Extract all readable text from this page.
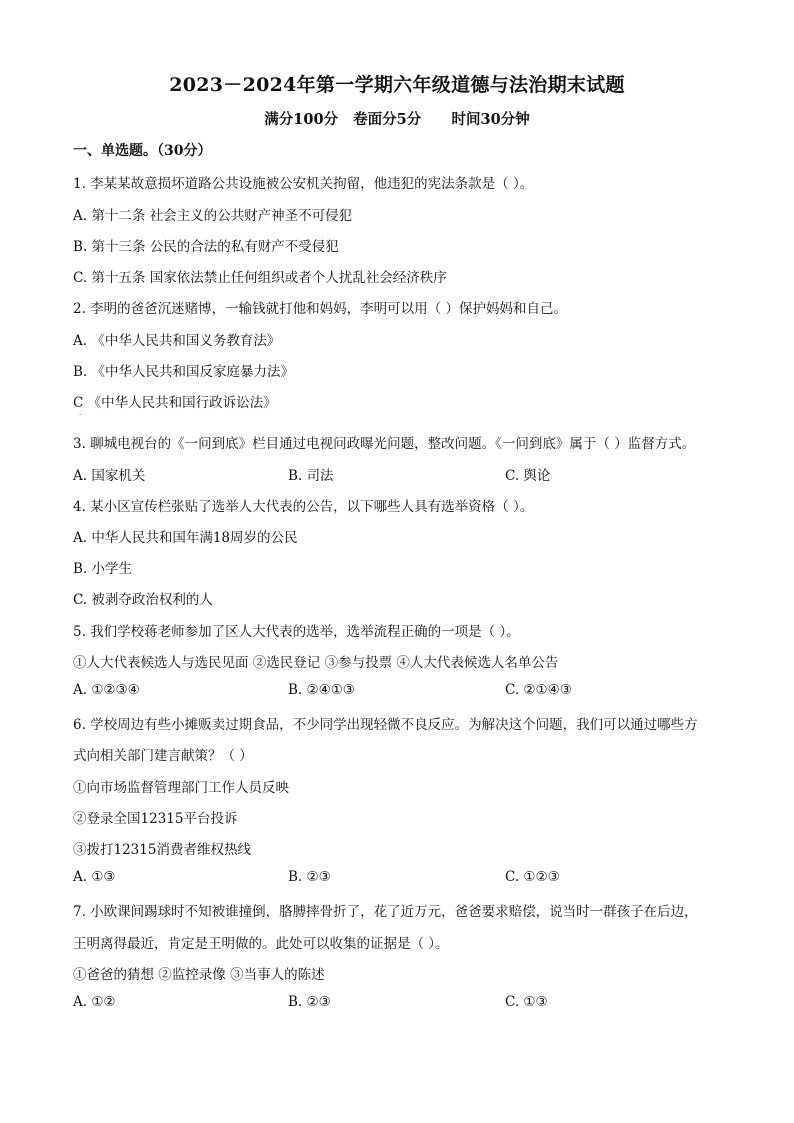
2023－2024年第一学期六年级道德与法治期末试题
满分100分   卷面分5分      时间30分钟
一、单选题。（30分）
1. 李某某故意损坏道路公共设施被公安机关拘留，他违犯的宪法条款是（ ）。
A. 第十二条 社会主义的公共财产神圣不可侵犯
B. 第十三条 公民的合法的私有财产不受侵犯
C. 第十五条 国家依法禁止任何组织或者个人扰乱社会经济秩序
2. 李明的爸爸沉迷赌博，一输钱就打他和妈妈，李明可以用（ ）保护妈妈和自己。
A. 《中华人民共和国义务教育法》
B. 《中华人民共和国反家庭暴力法》
C 《中华人民共和国行政诉讼法》
·
3. 聊城电视台的《一问到底》栏目通过电视问政曝光问题，整改问题。《一问到底》属于（ ）监督方式。
A. 国家机关	B. 司法	C. 舆论
4. 某小区宣传栏张贴了选举人大代表的公告，以下哪些人具有选举资格（ ）。
A. 中华人民共和国年满18周岁的公民
B. 小学生
C. 被剥夺政治权利的人
5. 我们学校蒋老师参加了区人大代表的选举，选举流程正确的一项是（ ）。
①人大代表候选人与选民见面 ②选民登记 ③参与投票 ④人大代表候选人名单公告
A. ①②③④	B. ②④①③	C. ②①④③
6. 学校周边有些小摊贩卖过期食品，不少同学出现轻微不良反应。为解决这个问题，我们可以通过哪些方
式向相关部门建言献策？（ ）
①向市场监督管理部门工作人员反映
②登录全国12315平台投诉
③拨打12315消费者维权热线
A. ①③	B. ②③	C. ①②③
7. 小欧课间踢球时不知被谁撞倒，胳膊摔骨折了，花了近万元，爸爸要求赔偿，说当时一群孩子在后边，
王明离得最近，肯定是王明做的。此处可以收集的证据是（ ）。
①爸爸的猜想 ②监控录像 ③当事人的陈述
A. ①②	B. ②③	C. ①③
